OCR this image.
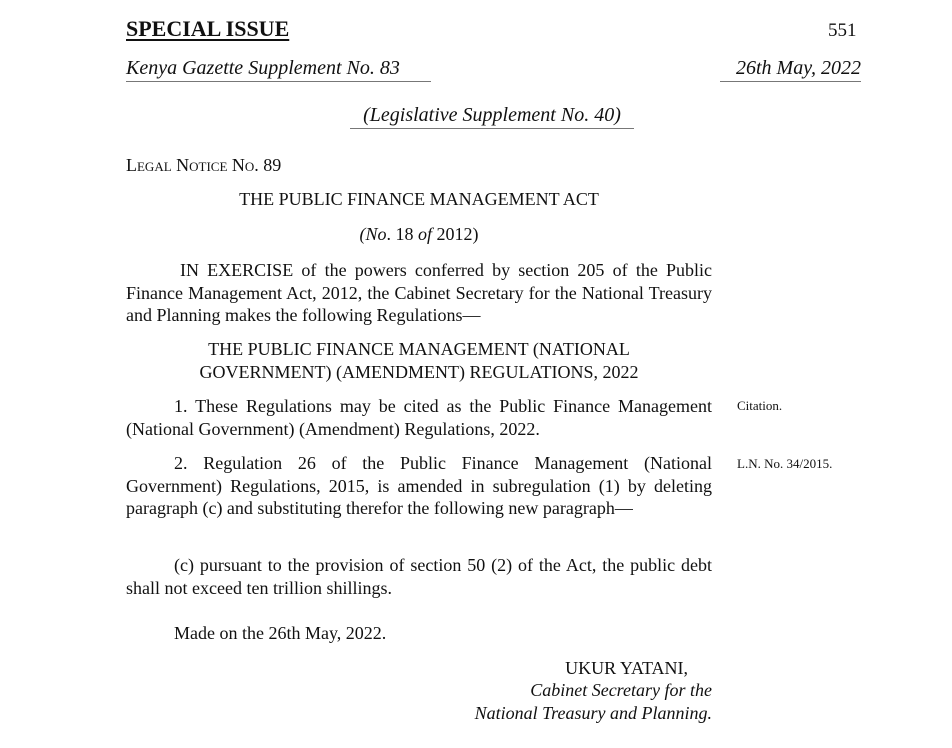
SPECIAL ISSUE	551
Kenya Gazette Supplement No. 83	26th May, 2022
(Legislative Supplement No. 40)
Legal Notice No. 89
THE PUBLIC FINANCE MANAGEMENT ACT
(No. 18 of 2012)
IN EXERCISE of the powers conferred by section 205 of the Public Finance Management Act, 2012, the Cabinet Secretary for the National Treasury and Planning makes the following Regulations—
THE PUBLIC FINANCE MANAGEMENT (NATIONAL
GOVERNMENT) (AMENDMENT) REGULATIONS, 2022
1. These Regulations may be cited as the Public Finance Management (National Government) (Amendment) Regulations, 2022.
Citation.
2. Regulation 26 of the Public Finance Management (National Government) Regulations, 2015, is amended in subregulation (1) by deleting paragraph (c) and substituting therefor the following new paragraph—
L.N. No. 34/2015.
(c) pursuant to the provision of section 50 (2) of the Act, the public debt shall not exceed ten trillion shillings.
Made on the 26th May, 2022.
UKUR YATANI,
Cabinet Secretary for the
National Treasury and Planning.
